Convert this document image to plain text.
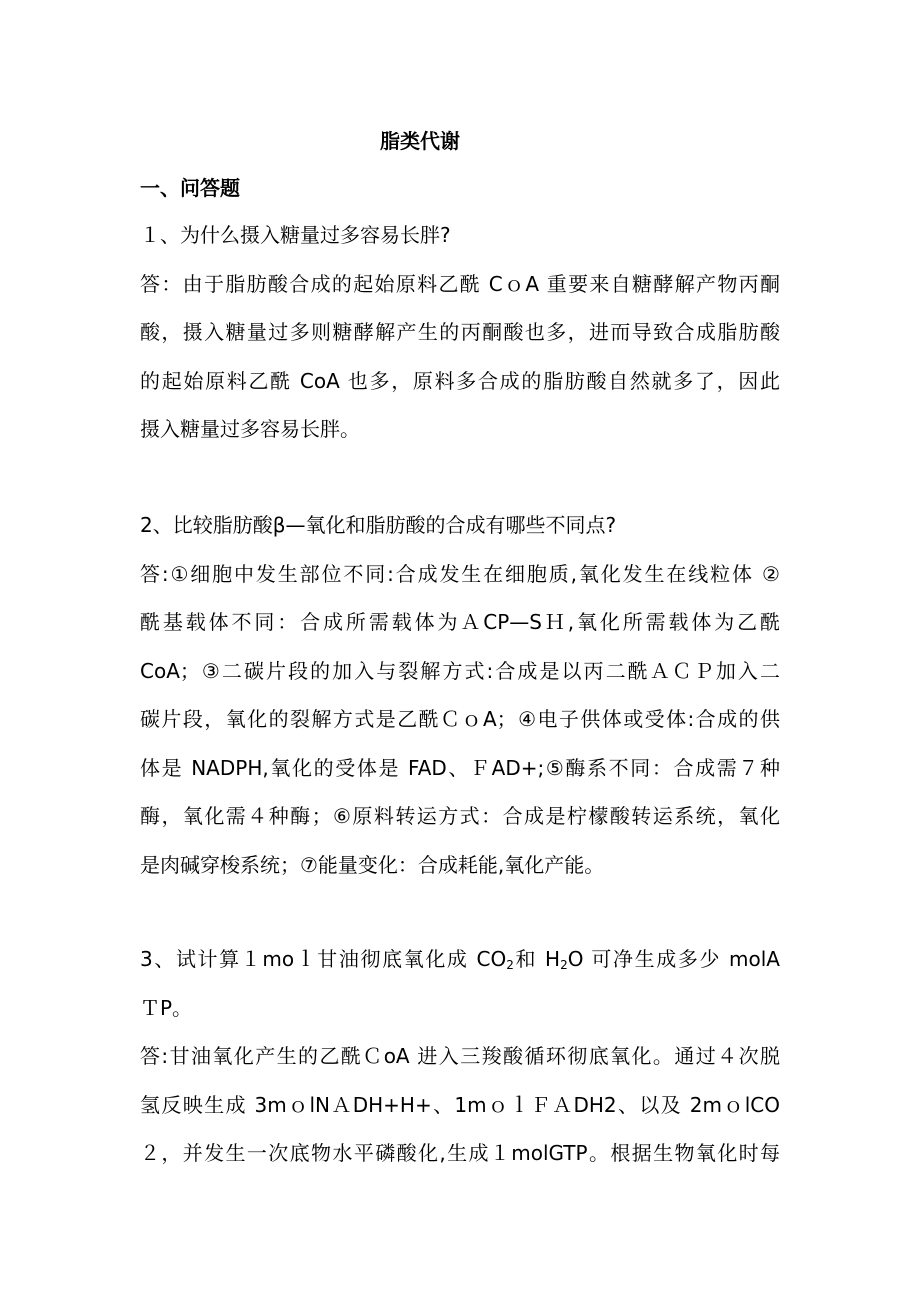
脂类代谢
一、问答题
１、为什么摄入糖量过多容易长胖?
答：由于脂肪酸合成的起始原料乙酰 CｏA 重要来自糖酵解产物丙酮
酸，摄入糖量过多则糖酵解产生的丙酮酸也多，进而导致合成脂肪酸
的起始原料乙酰 CoA 也多，原料多合成的脂肪酸自然就多了，因此
摄入糖量过多容易长胖。
2、比较脂肪酸β—氧化和脂肪酸的合成有哪些不同点?
答:①细胞中发生部位不同:合成发生在细胞质,氧化发生在线粒体 ②
酰基载体不同：合成所需载体为ＡCP—SＨ,氧化所需载体为乙酰
CoA；③二碳片段的加入与裂解方式:合成是以丙二酰ＡＣＰ加入二
碳片段，氧化的裂解方式是乙酰ＣｏA；④电子供体或受体:合成的供
体是 NADPH,氧化的受体是 FAD、ＦAD+;⑤酶系不同：合成需７种
酶，氧化需４种酶；⑥原料转运方式：合成是柠檬酸转运系统，氧化
是肉碱穿梭系统；⑦能量变化：合成耗能,氧化产能。
3、试计算１moｌ甘油彻底氧化成 $CO_2$和 $H_2O$ 可净生成多少 molA
ＴP。
答:甘油氧化产生的乙酰ＣoA 进入三羧酸循环彻底氧化。通过４次脱
氢反映生成 3mｏlNＡDH+H+、1mｏｌＦＡDH2、以及 2mｏlCO
２，并发生一次底物水平磷酸化,生成１molGTP。根据生物氧化时每
